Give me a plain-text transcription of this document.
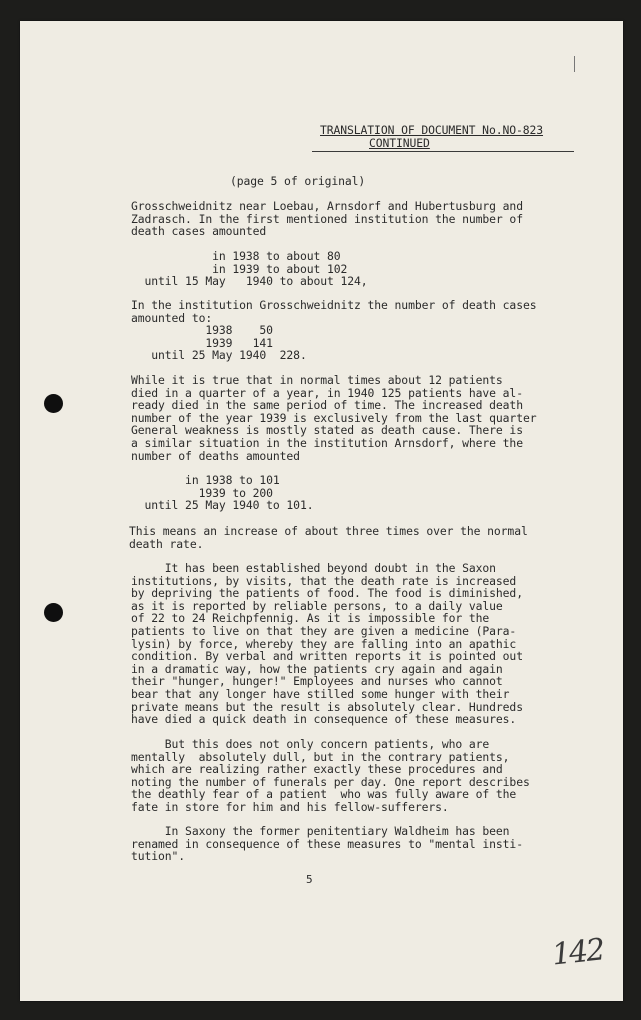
TRANSLATION OF DOCUMENT No.NO-823
CONTINUED
(page 5 of original)
Grosschweidnitz near Loebau, Arnsdorf and Hubertusburg and
Zadrasch. In the first mentioned institution the number of
death cases amounted
in 1938 to about 80
in 1939 to about 102
until 15 May   1940 to about 124,
In the institution Grosschweidnitz the number of death cases
amounted to:
1938    50
1939   141
until 25 May 1940  228.
While it is true that in normal times about 12 patients
died in a quarter of a year, in 1940 125 patients have al-
ready died in the same period of time. The increased death
number of the year 1939 is exclusively from the last quarter
General weakness is mostly stated as death cause. There is
a similar situation in the institution Arnsdorf, where the
number of deaths amounted
in 1938 to 101
1939 to 200
until 25 May 1940 to 101.
This means an increase of about three times over the normal
death rate.
It has been established beyond doubt in the Saxon
institutions, by visits, that the death rate is increased
by depriving the patients of food. The food is diminished,
as it is reported by reliable persons, to a daily value
of 22 to 24 Reichpfennig. As it is impossible for the
patients to live on that they are given a medicine (Para-
lysin) by force, whereby they are falling into an apathic
condition. By verbal and written reports it is pointed out
in a dramatic way, how the patients cry again and again
their "hunger, hunger!" Employees and nurses who cannot
bear that any longer have stilled some hunger with their
private means but the result is absolutely clear. Hundreds
have died a quick death in consequence of these measures.
But this does not only concern patients, who are
mentally  absolutely dull, but in the contrary patients,
which are realizing rather exactly these procedures and
noting the number of funerals per day. One report describes
the deathly fear of a patient  who was fully aware of the
fate in store for him and his fellow-sufferers.
In Saxony the former penitentiary Waldheim has been
renamed in consequence of these measures to "mental insti-
tution".
5
142
